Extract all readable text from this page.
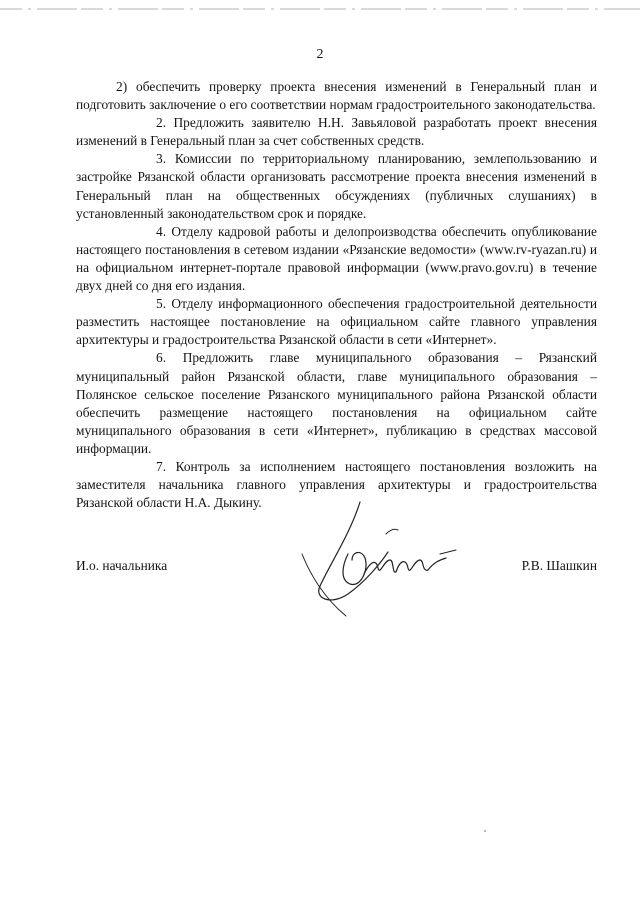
2

2) обеспечить проверку проекта внесения изменений в Генеральный план и подготовить заключение о его соответствии нормам градостроительного законодательства.

2. Предложить заявителю Н.Н. Завьяловой разработать проект внесения изменений в Генеральный план за счет собственных средств.

3. Комиссии по территориальному планированию, землепользованию и застройке Рязанской области организовать рассмотрение проекта внесения изменений в Генеральный план на общественных обсуждениях (публичных слушаниях) в установленный законодательством срок и порядке.

4. Отделу кадровой работы и делопроизводства обеспечить опубликование настоящего постановления в сетевом издании «Рязанские ведомости» (www.rv-ryazan.ru) и на официальном интернет-портале правовой информации (www.pravo.gov.ru) в течение двух дней со дня его издания.

5. Отделу информационного обеспечения градостроительной деятельности разместить настоящее постановление на официальном сайте главного управления архитектуры и градостроительства Рязанской области в сети «Интернет».

6. Предложить главе муниципального образования – Рязанский муниципальный район Рязанской области, главе муниципального образования – Полянское сельское поселение Рязанского муниципального района Рязанской области обеспечить размещение настоящего постановления на официальном сайте муниципального образования в сети «Интернет», публикацию в средствах массовой информации.

7. Контроль за исполнением настоящего постановления возложить на заместителя начальника главного управления архитектуры и градостроительства Рязанской области Н.А. Дыкину.

И.о. начальника	Р.В. Шашкин
